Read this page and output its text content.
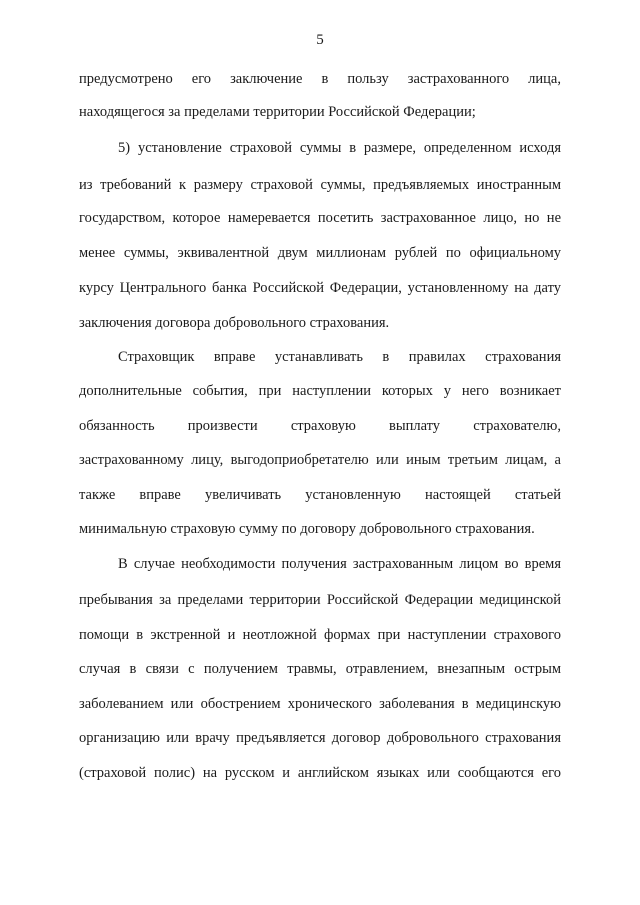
5
предусмотрено его заключение в пользу застрахованного лица,
находящегося за пределами территории Российской Федерации;
5) установление страховой суммы в размере, определенном исходя
из требований к размеру страховой суммы, предъявляемых иностранным
государством, которое намеревается посетить застрахованное лицо, но не
менее суммы, эквивалентной двум миллионам рублей по официальному
курсу Центрального банка Российской Федерации, установленному на дату
заключения договора добровольного страхования.
Страховщик вправе устанавливать в правилах страхования
дополнительные события, при наступлении которых у него возникает
обязанность произвести страховую выплату страхователю,
застрахованному лицу, выгодоприобретателю или иным третьим лицам, а
также вправе увеличивать установленную настоящей статьей
минимальную страховую сумму по договору добровольного страхования.
В случае необходимости получения застрахованным лицом во время
пребывания за пределами территории Российской Федерации медицинской
помощи в экстренной и неотложной формах при наступлении страхового
случая в связи с получением травмы, отравлением, внезапным острым
заболеванием или обострением хронического заболевания в медицинскую
организацию или врачу предъявляется договор добровольного страхования
(страховой полис) на русском и английском языках или сообщаются его
